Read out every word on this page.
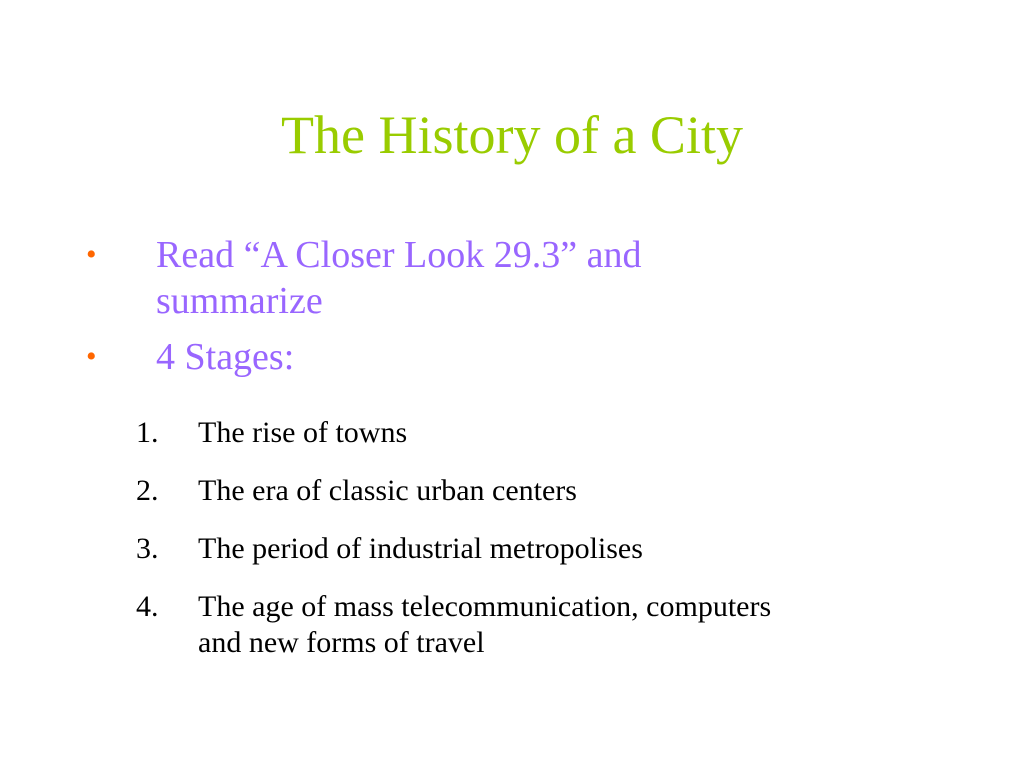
The History of a City
• Read “A Closer Look 29.3” and summarize
• 4 Stages:
1. The rise of towns
2. The era of classic urban centers
3. The period of industrial metropolises
4. The age of mass telecommunication, computers and new forms of travel
